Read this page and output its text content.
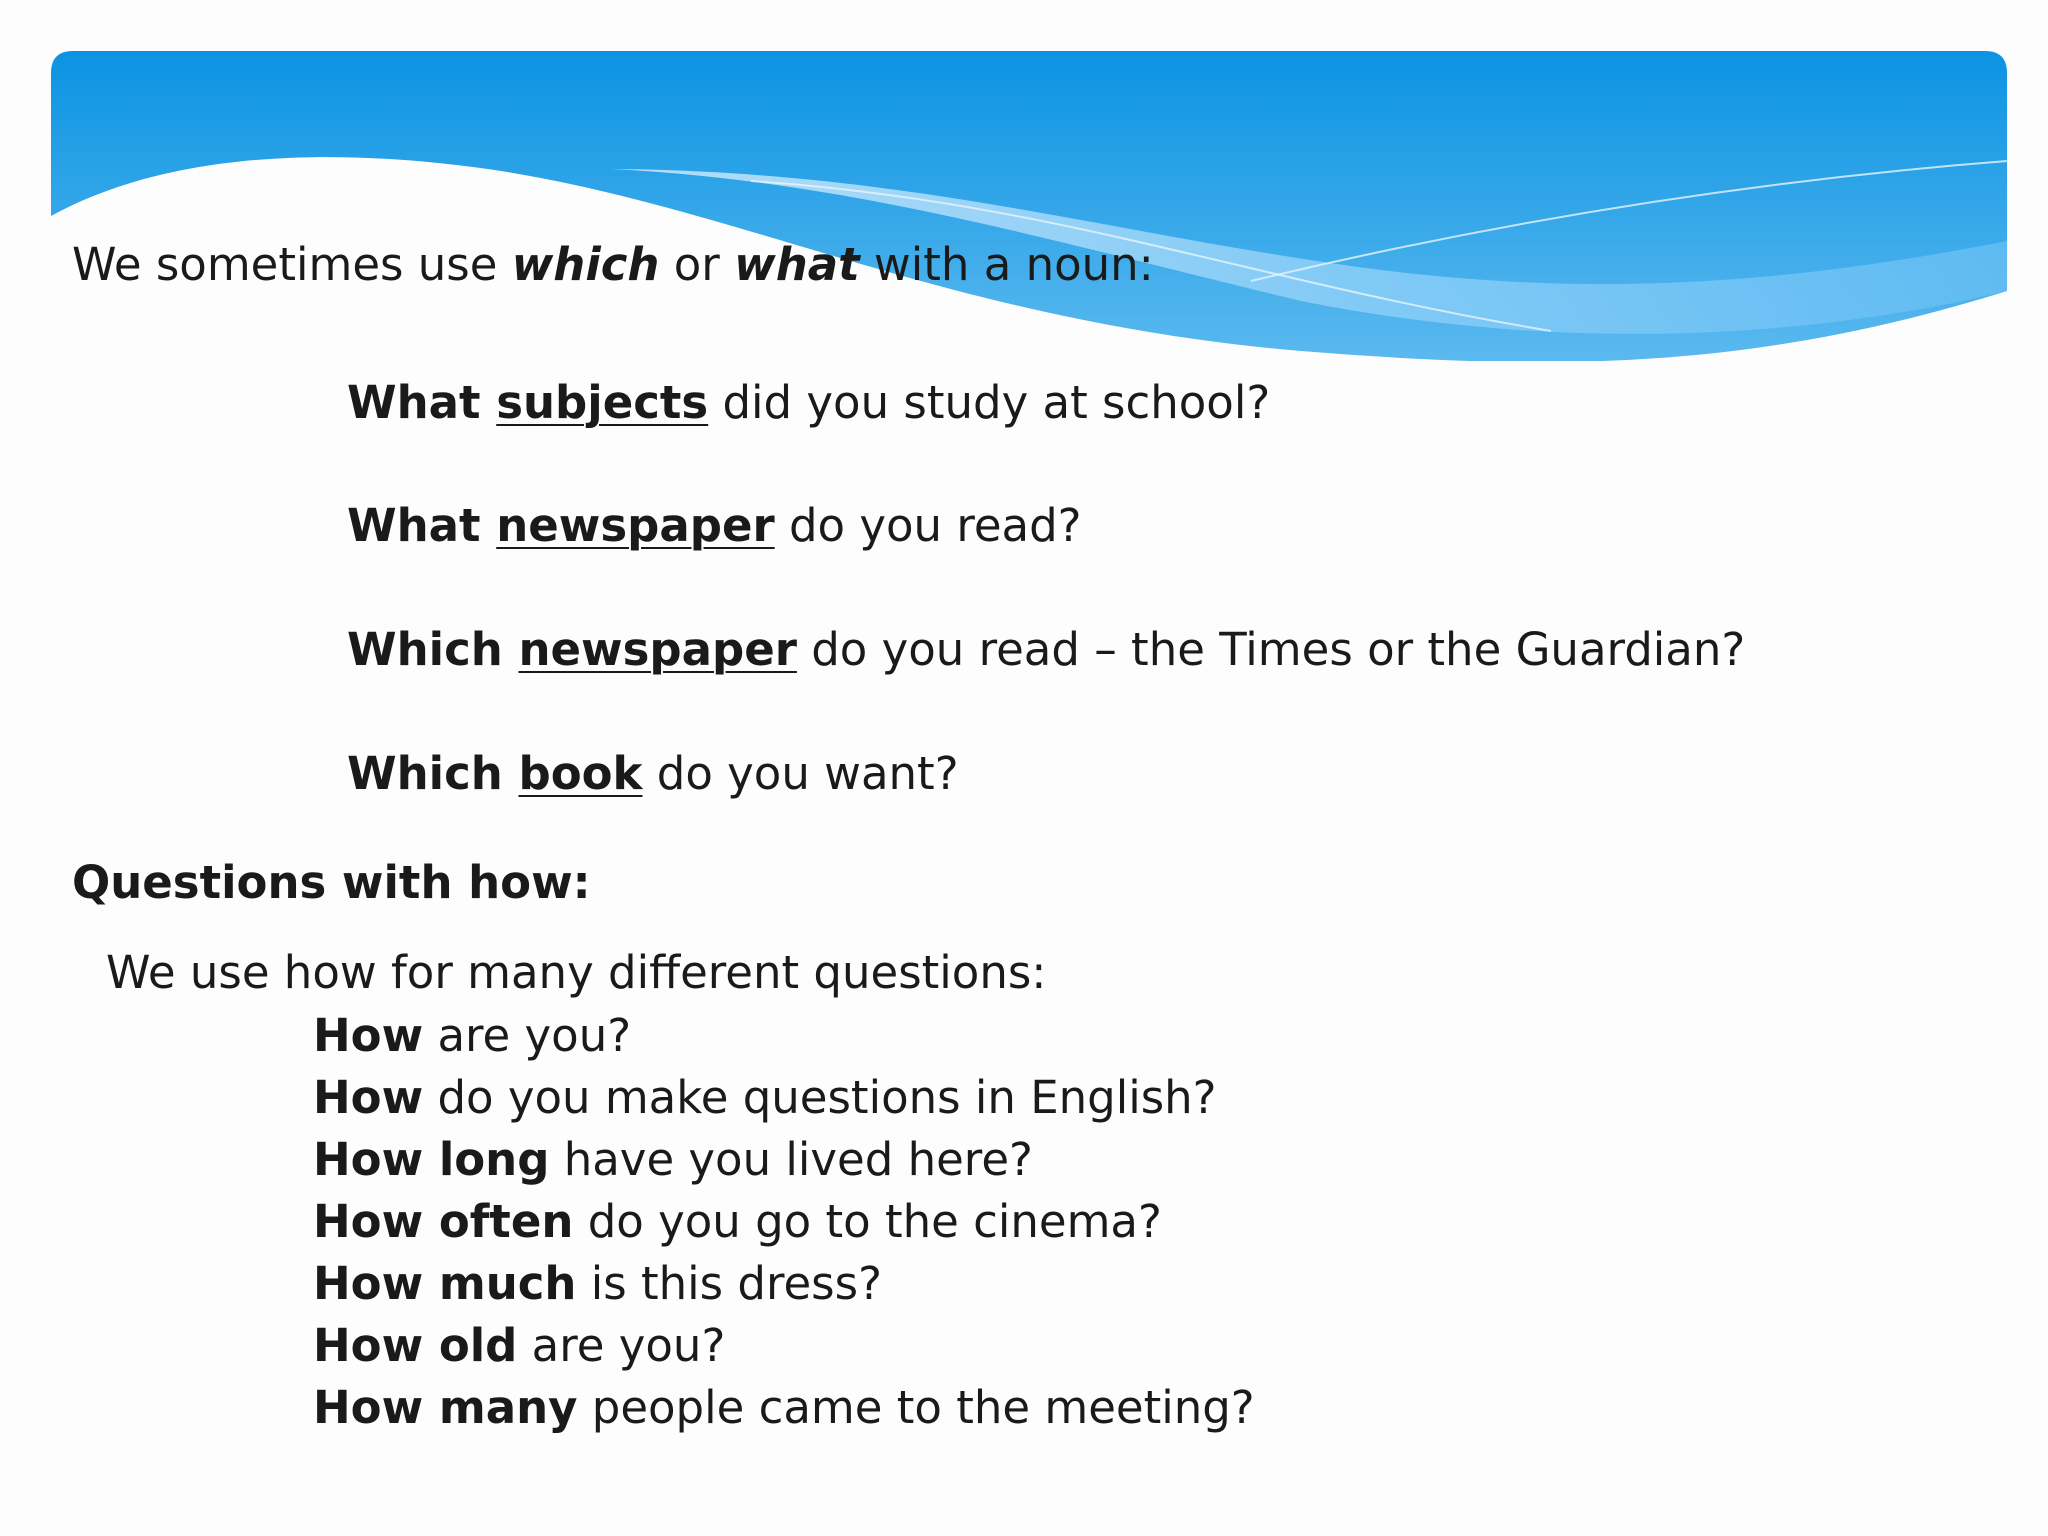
We sometimes use which or what with a noun:
What subjects did you study at school?
What newspaper do you read?
Which newspaper do you read – the Times or the Guardian?
Which book do you want?
Questions with how:
We use how for many different questions:
How are you?
How do you make questions in English?
How long have you lived here?
How often do you go to the cinema?
How much is this dress?
How old are you?
How many people came to the meeting?
